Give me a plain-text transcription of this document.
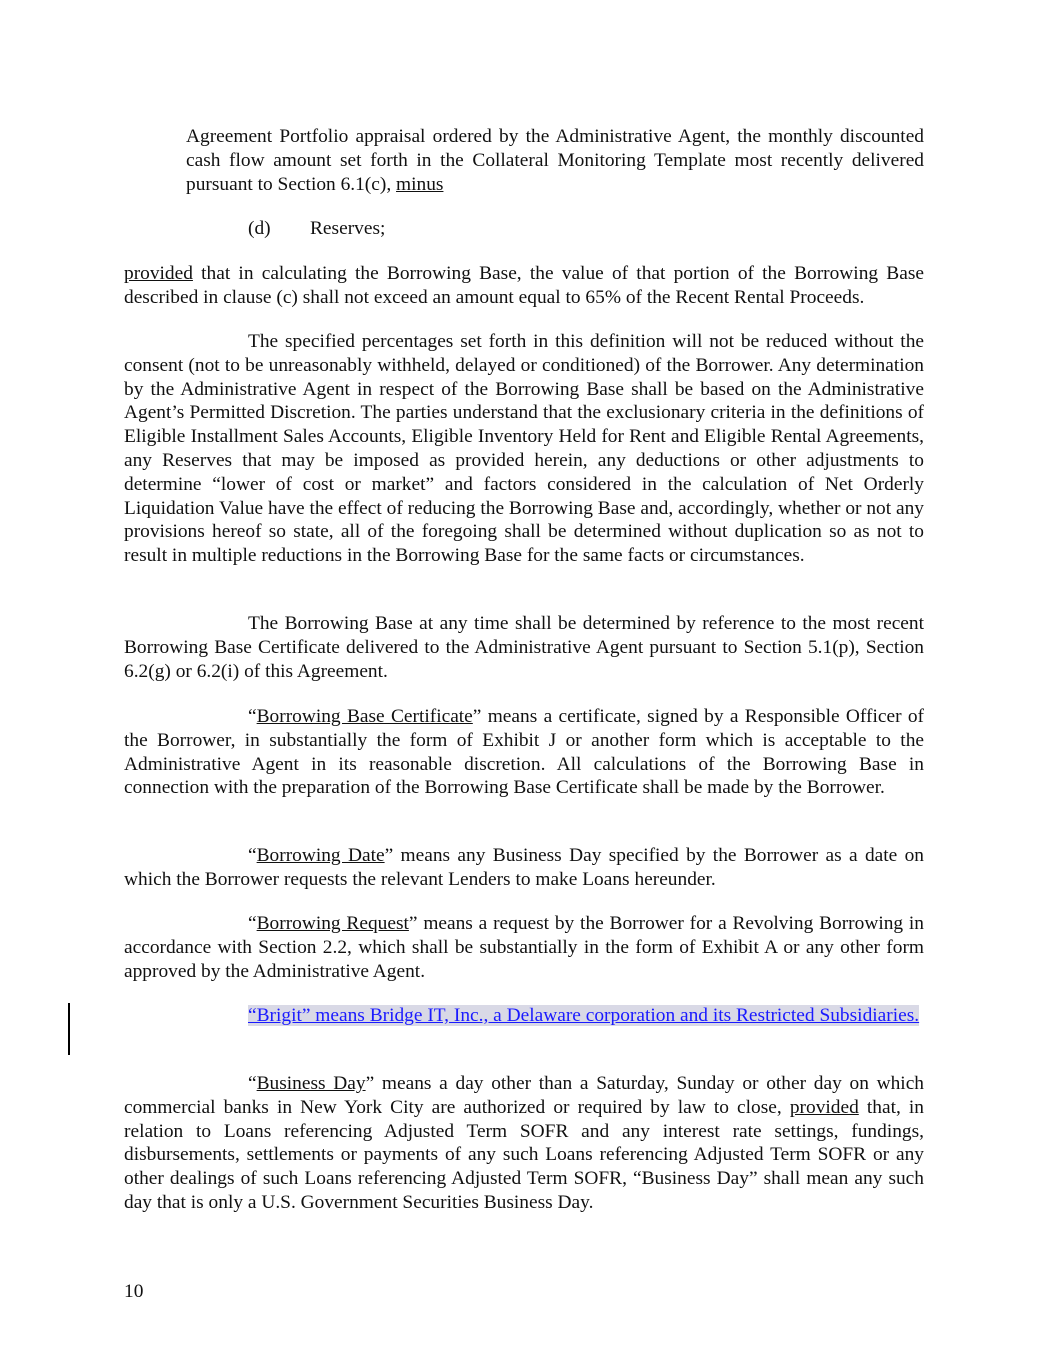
Agreement Portfolio appraisal ordered by the Administrative Agent, the monthly discounted cash flow amount set forth in the Collateral Monitoring Template most recently delivered pursuant to Section 6.1(c), minus

(d) Reserves;

provided that in calculating the Borrowing Base, the value of that portion of the Borrowing Base described in clause (c) shall not exceed an amount equal to 65% of the Recent Rental Proceeds.

The specified percentages set forth in this definition will not be reduced without the consent (not to be unreasonably withheld, delayed or conditioned) of the Borrower. Any determination by the Administrative Agent in respect of the Borrowing Base shall be based on the Administrative Agent’s Permitted Discretion. The parties understand that the exclusionary criteria in the definitions of Eligible Installment Sales Accounts, Eligible Inventory Held for Rent and Eligible Rental Agreements, any Reserves that may be imposed as provided herein, any deductions or other adjustments to determine “lower of cost or market” and factors considered in the calculation of Net Orderly Liquidation Value have the effect of reducing the Borrowing Base and, accordingly, whether or not any provisions hereof so state, all of the foregoing shall be determined without duplication so as not to result in multiple reductions in the Borrowing Base for the same facts or circumstances.

The Borrowing Base at any time shall be determined by reference to the most recent Borrowing Base Certificate delivered to the Administrative Agent pursuant to Section 5.1(p), Section 6.2(g) or 6.2(i) of this Agreement.

“Borrowing Base Certificate” means a certificate, signed by a Responsible Officer of the Borrower, in substantially the form of Exhibit J or another form which is acceptable to the Administrative Agent in its reasonable discretion. All calculations of the Borrowing Base in connection with the preparation of the Borrowing Base Certificate shall be made by the Borrower.

“Borrowing Date” means any Business Day specified by the Borrower as a date on which the Borrower requests the relevant Lenders to make Loans hereunder.

“Borrowing Request” means a request by the Borrower for a Revolving Borrowing in accordance with Section 2.2, which shall be substantially in the form of Exhibit A or any other form approved by the Administrative Agent.

“Brigit” means Bridge IT, Inc., a Delaware corporation and its Restricted Subsidiaries.

“Business Day” means a day other than a Saturday, Sunday or other day on which commercial banks in New York City are authorized or required by law to close, provided that, in relation to Loans referencing Adjusted Term SOFR and any interest rate settings, fundings, disbursements, settlements or payments of any such Loans referencing Adjusted Term SOFR or any other dealings of such Loans referencing Adjusted Term SOFR, “Business Day” shall mean any such day that is only a U.S. Government Securities Business Day.

10
